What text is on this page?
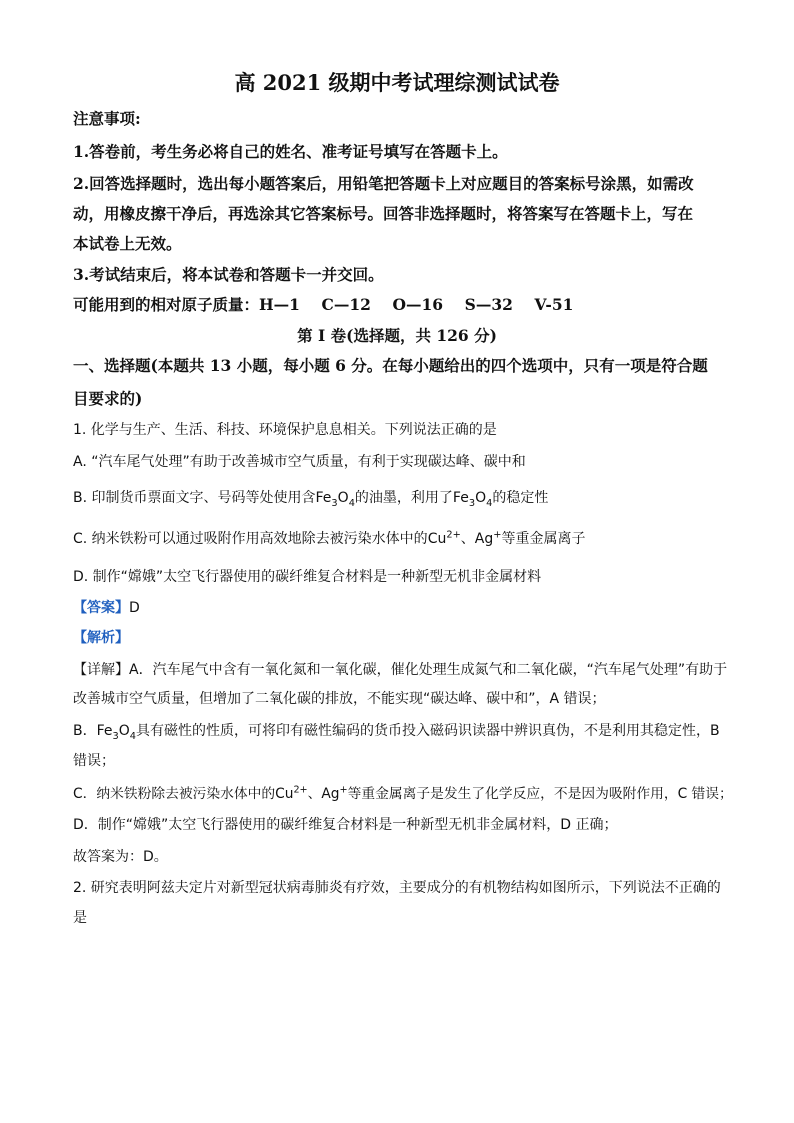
高 2021 级期中考试理综测试试卷
注意事项:
1.答卷前，考生务必将自己的姓名、准考证号填写在答题卡上。
2.回答选择题时，选出每小题答案后，用铅笔把答题卡上对应题目的答案标号涂黑，如需改
动，用橡皮擦干净后，再选涂其它答案标号。回答非选择题时，将答案写在答题卡上，写在
本试卷上无效。
3.考试结束后，将本试卷和答题卡一并交回。
可能用到的相对原子质量：H—1    C—12    O—16    S—32    V-51
第 I 卷(选择题，共 126 分)
一、选择题(本题共 13 小题，每小题 6 分。在每小题给出的四个选项中，只有一项是符合题
目要求的)
1. 化学与生产、生活、科技、环境保护息息相关。下列说法正确的是
A. “汽车尾气处理”有助于改善城市空气质量，有利于实现碳达峰、碳中和
B. 印制货币票面文字、号码等处使用含$Fe_3O_4$的油墨，利用了$Fe_3O_4$的稳定性
C. 纳米铁粉可以通过吸附作用高效地除去被污染水体中的$Cu^{2+}$、Ag+等重金属离子
D. 制作“嫦娥”太空飞行器使用的碳纤维复合材料是一种新型无机非金属材料
【答案】D
【解析】
【详解】A．汽车尾气中含有一氧化氮和一氧化碳，催化处理生成氮气和二氧化碳，“汽车尾气处理”有助于
改善城市空气质量，但增加了二氧化碳的排放，不能实现“碳达峰、碳中和”，A 错误；
B．$Fe_3O_4$具有磁性的性质，可将印有磁性编码的货币投入磁码识读器中辨识真伪，不是利用其稳定性，B
错误；
C．纳米铁粉除去被污染水体中的$Cu^{2+}$、Ag+等重金属离子是发生了化学反应，不是因为吸附作用，C 错误；
D．制作“嫦娥”太空飞行器使用的碳纤维复合材料是一种新型无机非金属材料，D 正确；
故答案为：D。
2. 研究表明阿兹夫定片对新型冠状病毒肺炎有疗效，主要成分的有机物结构如图所示，下列说法不正确的
是
